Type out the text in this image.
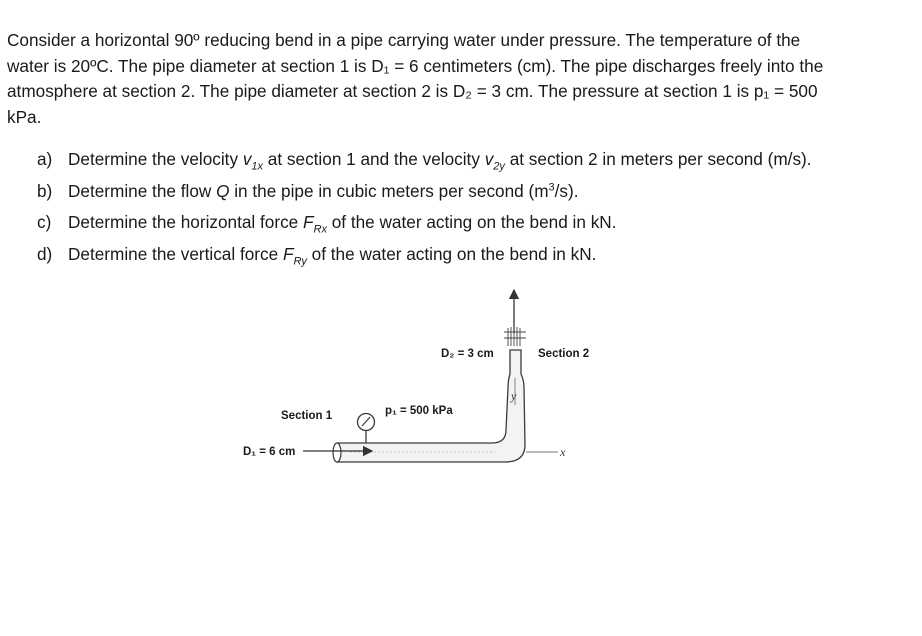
Consider a horizontal 90º reducing bend in a pipe carrying water under pressure. The temperature of the

water is 20ºC. The pipe diameter at section 1 is D₁ = 6 centimeters (cm). The pipe discharges freely into the

atmosphere at section 2. The pipe diameter at section 2 is D₂ = 3 cm. The pressure at section 1 is p₁ = 500

kPa.

a) Determine the velocity $v_{1x}$ at section 1 and the velocity $v_{2y}$ at section 2 in meters per second (m/s).
b) Determine the flow Q in the pipe in cubic meters per second $(m^3/s)$.
c) Determine the horizontal force $F_{Rx}$ of the water acting on the bend in kN.
d) Determine the vertical force $F_{Ry}$ of the water acting on the bend in kN.
D₂ = 3 cm	Section 2
Section 1	p₁ = 500 kPa
D₁ = 6 cm
y
x
